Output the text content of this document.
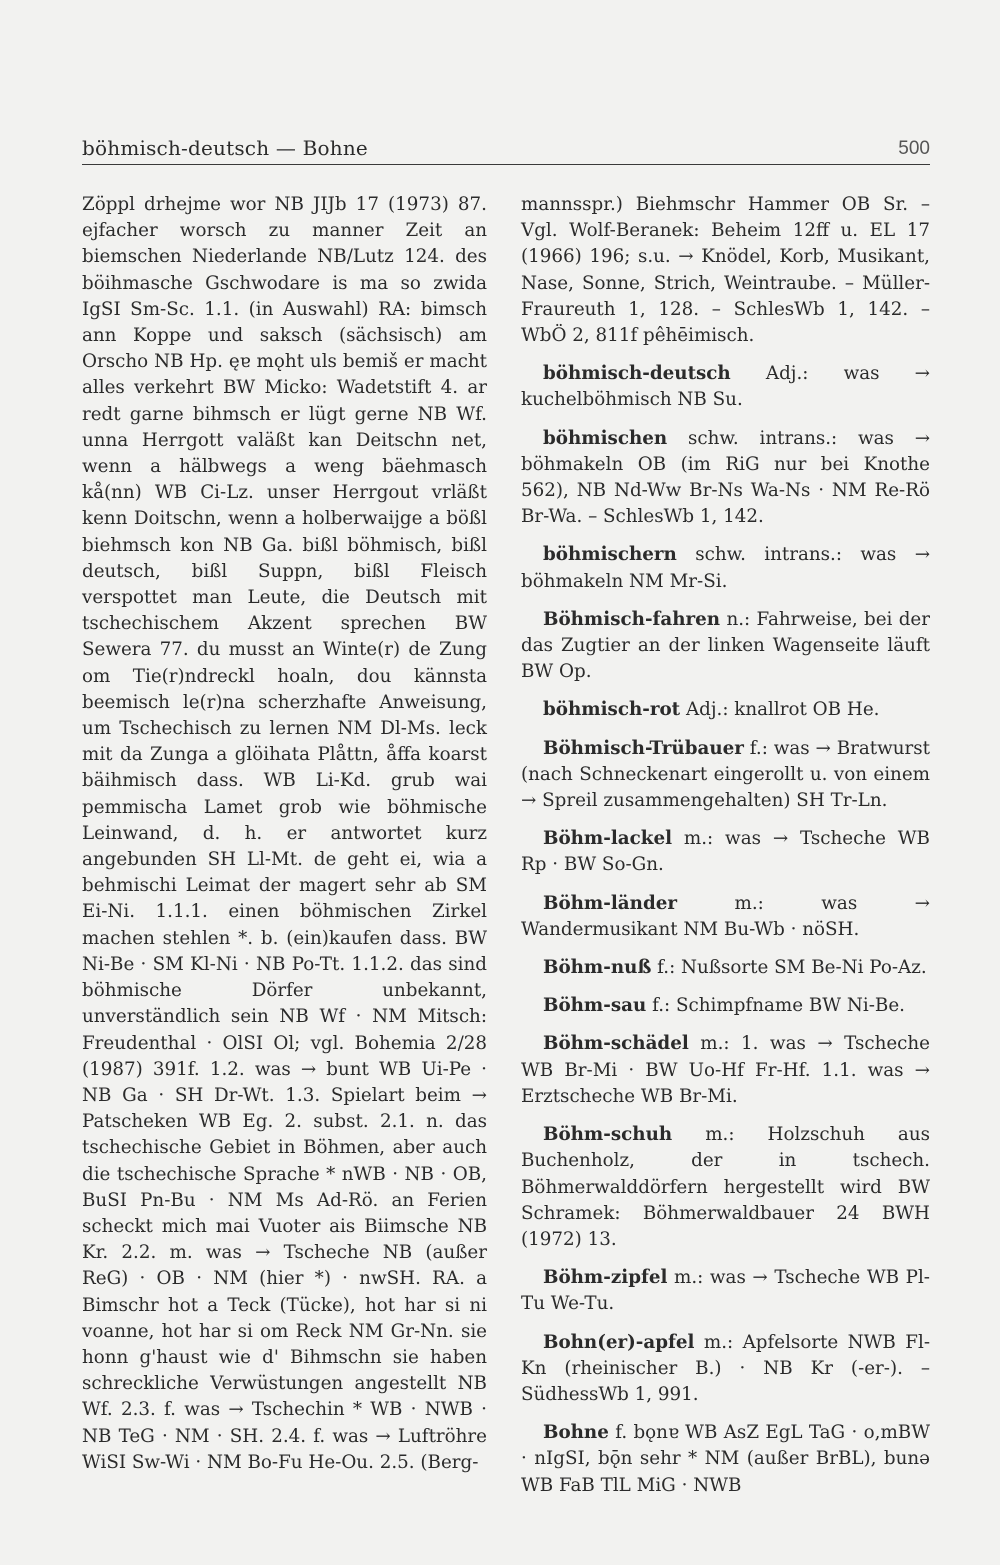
böhmisch-deutsch — Bohne	500

Zöppl drhejme wor NB JIJb 17 (1973) 87. ejfacher worsch zu manner Zeit an biemschen Niederlande NB/Lutz 124. des böihmasche Gschwodare is ma so zwida IgSI Sm-Sc. 1.1. (in Auswahl) RA: bimsch ann Koppe und saksch (sächsisch) am Orscho NB Hp. ęɐ mǫht uls bemiš er macht alles verkehrt BW Micko: Wadetstift 4. ar redt garne bihmsch er lügt gerne NB Wf. unna Herrgott valäßt kan Deitschn net, wenn a hälbwegs a weng bäehmasch kå(nn) WB Ci-Lz. unser Herrgout vrläßt kenn Doitschn, wenn a holberwaijge a bößl biehmsch kon NB Ga. bißl böhmisch, bißl deutsch, bißl Suppn, bißl Fleisch verspottet man Leute, die Deutsch mit tschechischem Akzent sprechen BW Sewera 77. du musst an Winte(r) de Zung om Tie(r)ndreckl hoaln, dou kännsta beemisch le(r)na scherzhafte Anweisung, um Tschechisch zu lernen NM Dl-Ms. leck mit da Zunga a glöihata Plåttn, åffa koarst bäihmisch dass. WB Li-Kd. grub wai pemmischa Lamet grob wie böhmische Leinwand, d. h. er antwortet kurz angebunden SH Ll-Mt. de geht ei, wia a behmischi Leimat der magert sehr ab SM Ei-Ni. 1.1.1. einen böhmischen Zirkel machen stehlen *. b. (ein)kaufen dass. BW Ni-Be · SM Kl-Ni · NB Po-Tt. 1.1.2. das sind böhmische Dörfer unbekannt, unverständlich sein NB Wf · NM Mitsch: Freudenthal · OlSI Ol; vgl. Bohemia 2/28 (1987) 391f. 1.2. was → bunt WB Ui-Pe · NB Ga · SH Dr-Wt. 1.3. Spielart beim → Patscheken WB Eg. 2. subst. 2.1. n. das tschechische Gebiet in Böhmen, aber auch die tschechische Sprache * nWB · NB · OB, BuSI Pn-Bu · NM Ms Ad-Rö. an Ferien scheckt mich mai Vuoter ais Biimsche NB Kr. 2.2. m. was → Tscheche NB (außer ReG) · OB · NM (hier *) · nwSH. RA. a Bimschr hot a Teck (Tücke), hot har si ni voanne, hot har si om Reck NM Gr-Nn. sie honn g'haust wie d' Bihmschn sie haben schreckliche Verwüstungen angestellt NB Wf. 2.3. f. was → Tschechin * WB · NWB · NB TeG · NM · SH. 2.4. f. was → Luftröhre WiSI Sw-Wi · NM Bo-Fu He-Ou. 2.5. (Berg-

mannsspr.) Biehmschr Hammer OB Sr. – Vgl. Wolf-Beranek: Beheim 12ff u. EL 17 (1966) 196; s.u. → Knödel, Korb, Musikant, Nase, Sonne, Strich, Weintraube. – Müller-Fraureuth 1, 128. – SchlesWb 1, 142. – WbÖ 2, 811f pêhēimisch.

böhmisch-deutsch Adj.: was → kuchelböhmisch NB Su.

böhmischen schw. intrans.: was → böhmakeln OB (im RiG nur bei Knothe 562), NB Nd-Ww Br-Ns Wa-Ns · NM Re-Rö Br-Wa. – SchlesWb 1, 142.

böhmischern schw. intrans.: was → böhmakeln NM Mr-Si.

Böhmisch-fahren n.: Fahrweise, bei der das Zugtier an der linken Wagenseite läuft BW Op.

böhmisch-rot Adj.: knallrot OB He.

Böhmisch-Trübauer f.: was → Bratwurst (nach Schneckenart eingerollt u. von einem → Spreil zusammengehalten) SH Tr-Ln.

Böhm-lackel m.: was → Tscheche WB Rp · BW So-Gn.

Böhm-länder	m.: was → Wandermusikant NM Bu-Wb · nöSH.

Böhm-nuß f.: Nußsorte SM Be-Ni Po-Az.

Böhm-sau f.: Schimpfname BW Ni-Be.

Böhm-schädel m.: 1. was → Tscheche WB Br-Mi · BW Uo-Hf Fr-Hf. 1.1. was → Erztscheche WB Br-Mi.

Böhm-schuh m.: Holzschuh aus Buchenholz, der in tschech. Böhmerwalddörfern hergestellt wird BW Schramek: Böhmerwaldbauer 24 BWH (1972) 13.

Böhm-zipfel m.: was → Tscheche WB Pl-Tu We-Tu.

Bohn(er)-apfel m.: Apfelsorte NWB Fl-Kn (rheinischer B.) · NB Kr (-er-). – SüdhessWb 1, 991.

Bohne f. bǫnɐ WB AsZ EgL TaG · o,mBW · nIgSI, bǭn sehr * NM (außer BrBL), bunə WB FaB TlL MiG · NWB
